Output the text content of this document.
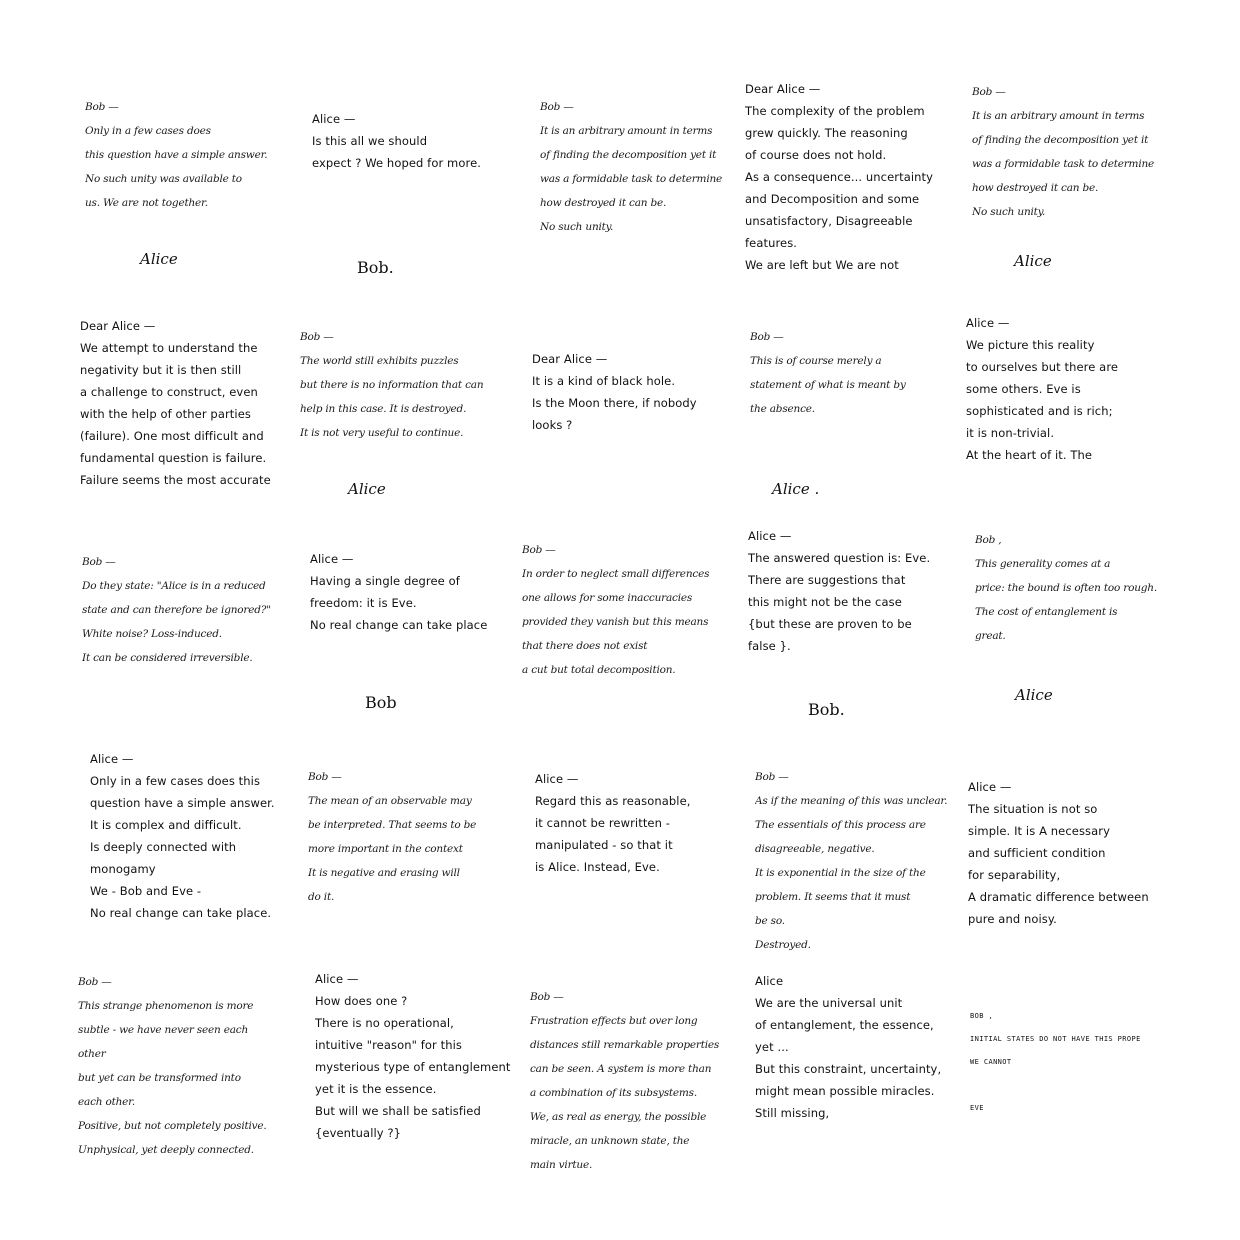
Bob —
Only in a few cases does
this question have a simple answer.
No such unity was available to
us. We are not together.
Alice
Alice —
Is this all we should
expect ? We hoped for more.
Bob.
Bob —
It is an arbitrary amount in terms
of finding the decomposition yet it
was a formidable task to determine
how destroyed it can be.
No such unity.
Dear Alice —
The complexity of the problem
grew quickly. The reasoning
of course does not hold.
As a consequence... uncertainty
and Decomposition and some
unsatisfactory, Disagreeable
features.
We are left but We are not
Bob —
It is an arbitrary amount in terms
of finding the decomposition yet it
was a formidable task to determine
how destroyed it can be.
No such unity.
Alice
Dear Alice —
We attempt to understand the
negativity but it is then still
a challenge to construct, even
with the help of other parties
(failure). One most difficult and
fundamental question is failure.
Failure seems the most accurate
Bob —
The world still exhibits puzzles
but there is no information that can
help in this case. It is destroyed.
It is not very useful to continue.
Alice
Dear Alice —
It is a kind of black hole.
Is the Moon there, if nobody
looks ?
Bob —
This is of course merely a
statement of what is meant by
the absence.
Alice .
Alice —
We picture this reality
to ourselves but there are
some others. Eve is
sophisticated and is rich;
it is non-trivial.
At the heart of it. The
Bob —
Do they state: "Alice is in a reduced
state and can therefore be ignored?"
White noise? Loss-induced.
It can be considered irreversible.
Alice —
Having a single degree of
freedom: it is Eve.
No real change can take place
Bob
Bob —
In order to neglect small differences
one allows for some inaccuracies
provided they vanish but this means
that there does not exist
a cut but total decomposition.
Alice —
The answered question is: Eve.
There are suggestions that
this might not be the case
{but these are proven to be
false }.
Bob.
Bob ,
This generality comes at a
price: the bound is often too rough.
The cost of entanglement is
great.
Alice
Alice —
Only in a few cases does this
question have a simple answer.
It is complex and difficult.
Is deeply connected with monogamy
We - Bob and Eve -
No real change can take place.
Bob —
The mean of an observable may
be interpreted. That seems to be
more important in the context
It is negative and erasing will
do it.
Alice —
Regard this as reasonable,
it cannot be rewritten -
manipulated - so that it
is Alice. Instead, Eve.
Bob —
As if the meaning of this was unclear.
The essentials of this process are
disagreeable, negative.
It is exponential in the size of the
problem. It seems that it must
be so.
Destroyed.
Alice —
The situation is not so
simple. It is A necessary
and sufficient condition
for separability,
A dramatic difference between
pure and noisy.
Bob —
This strange phenomenon is more
subtle - we have never seen each other
but yet can be transformed into
each other.
Positive, but not completely positive.
Unphysical, yet deeply connected.
Alice —
How does one ?
There is no operational,
intuitive "reason" for this
mysterious type of entanglement
yet it is the essence.
But will we shall be satisfied
{eventually ?}
Bob —
Frustration effects but over long
distances still remarkable properties
can be seen. A system is more than
a combination of its subsystems.
We, as real as energy, the possible
miracle, an unknown state, the
main virtue.
Alice
We are the universal unit
of entanglement, the essence,
yet ...
But this constraint, uncertainty,
might mean possible miracles.
Still missing,
BOB ,
INITIAL STATES DO NOT HAVE THIS PROPE
WE CANNOT

EVE
